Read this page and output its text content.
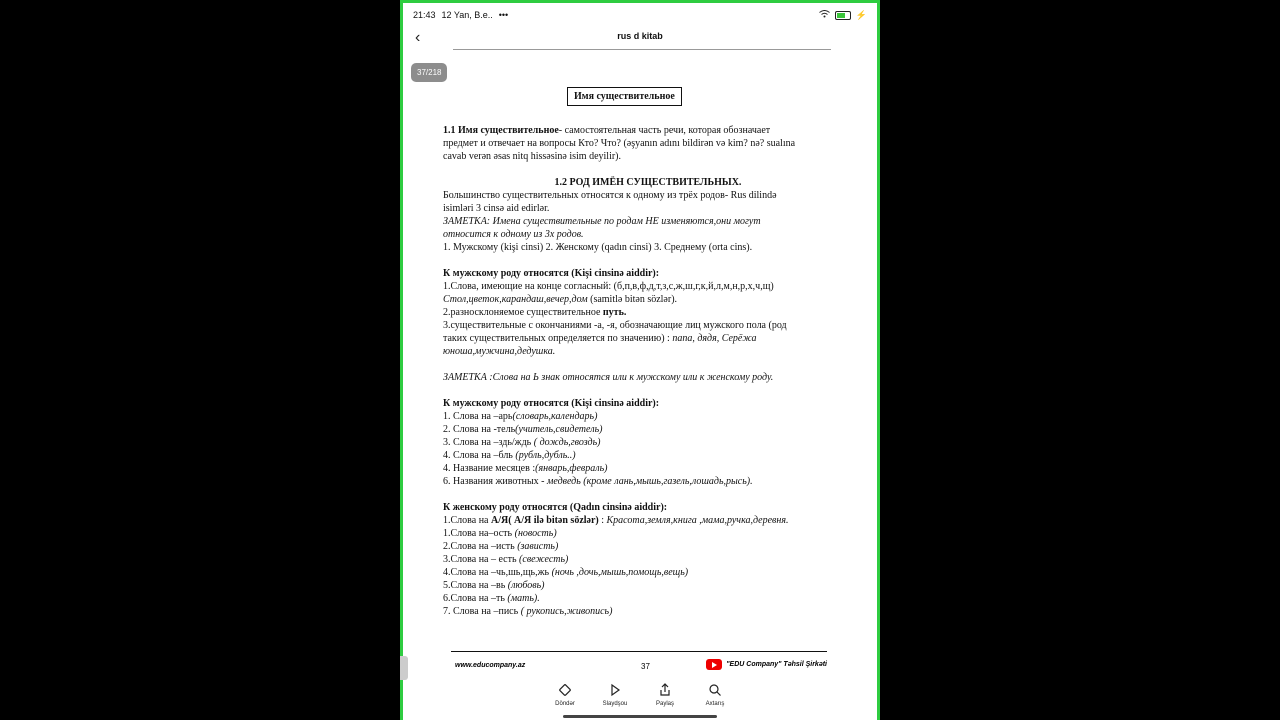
21:43 12 Yan, B.e.. •••	⚡
‹	rus d kitab
37/218
Имя существительное

1.1 Имя существительное- самостоятельная часть речи, которая обозначает

предмет и отвечает на вопросы Кто? Что? (əşyanın adını bildirən və kim? nə? sualına

cavab verən əsas nitq hissəsinə isim deyilir).

1.2 РОД ИМЁН СУЩЕСТВИТЕЛЬНЫХ.

Большинство существительных относятся к одному из трёх родов- Rus dilində

isimləri 3 cinsə aid edirlər.

ЗАМЕТКА: Имена существительные по родам НЕ изменяются,они могут

относится к одному из 3х родов.

1. Мужскому (kişi cinsi) 2. Женскому (qadın cinsi) 3. Среднему (orta cins).

К мужскому роду относятся (Kişi cinsinə aiddir):

1.Слова, имеющие на конце согласный: (б,п,в,ф,д,т,з,с,ж,ш,г,к,й,л,м,н,р,х,ч,щ)

Стол,цветок,карандаш,вечер,дом (samitlə bitən sözlər).

2.разносклоняемое существительное путь.

3.существительные с окончаниями -а, -я, обозначающие лиц мужского пола (род

таких существительных определяется по значению) : папа, дядя, Серёжа

юноша,мужчина,дедушка.

ЗАМЕТКА :Слова на Ь знак относятся или к мужскому или к женскому роду.

К мужскому роду относятся (Kişi cinsinə aiddir):

1. Слова на –арь(словарь,календарь)

2. Слова на -тель(учитель,свидетель)

3. Слова на –здь/ждь ( дождь,гвоздь)

4. Слова на –бль (рубль,дубль..)

4. Название месяцев :(январь,февраль)

6. Названия животных - медведь (кроме лань,мышь,газель,лошадь,рысь).

К женскому роду относятся (Qadın cinsinə aiddir):

1.Слова на А/Я( А/Я ilə bitən sözlər) : Красота,земля,книга ,мама,ручка,деревня.

1.Слова на–ость (новость)

2.Слова на –исть (зависть)

3.Слова на – есть (свежесть)

4.Слова на –чь,шь,щь,жь (ночь ,дочь,мышь,помощь,вещь)

5.Слова на –вь (любовь)

6.Слова на –ть (мать).

7. Слова на –пись ( рукопись,живопись)

www.educompany.az	37	"EDU Company" Təhsil Şirkəti
Döndər	Slaydşou	Paylaş	Axtarış
